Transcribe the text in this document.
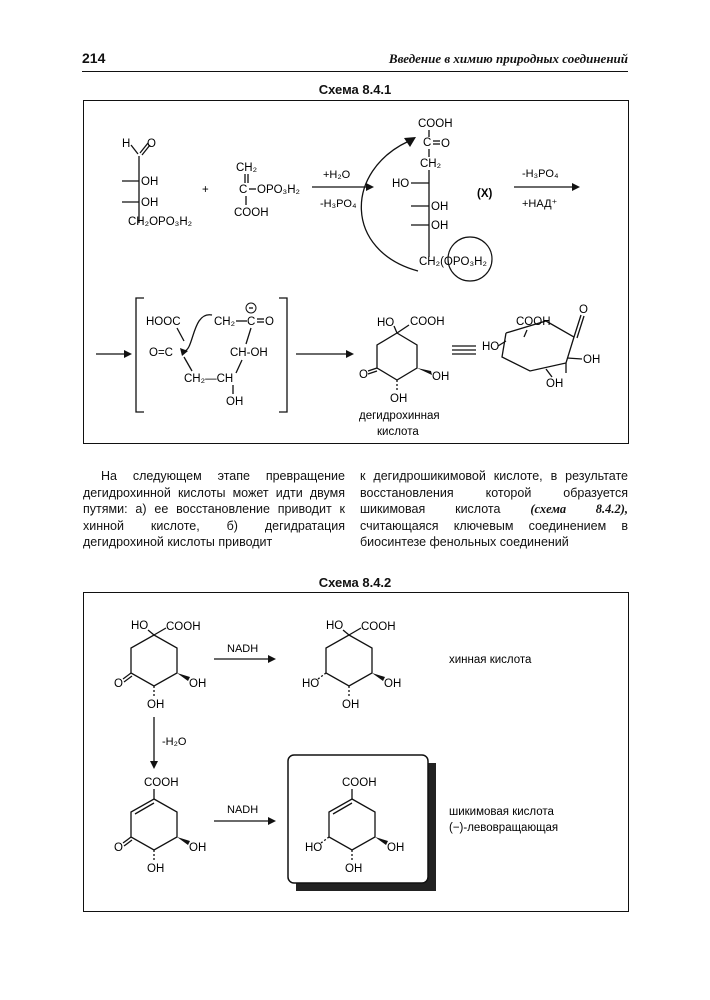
214	Введение в химию природных соединений
Схема 8.4.1
H O
OH
OH
CH₂OPO₃H₂
+
CH₂
C OPO₃H₂
COOH
+H₂O
-H₃PO₄
COOH
C O
CH₂
HO
OH
OH
CH₂(OPO₃H₂
(X)
-H₃PO₄
+НАД⁺
HOOC
O=C
CH₂—CH
OH
CH₂ C O
CH-OH
HO COOH
O	OH
OH
дегидрохинная
кислота
COOH
HO
O
OH
OH

На следующем этапе превращение дегидрохинной кислоты может идти двумя путями: а) ее восстановление приводит к хинной кислоте, б) дегидратация дегидрохиной кислоты приводит

к дегидрошикимовой кислоте, в результате восстановления которой образуется шикимовая кислота (схема 8.4.2), считающаяся ключевым соединением в биосинтезе фенольных соединений

Схема 8.4.2
HO COOH
O	OH
OH
NADH
HO COOH
HO	OH
OH
хинная кислота
-H₂O
COOH
O	OH
OH
NADH
COOH
HO	OH
OH
шикимовая кислота
(−)-левовращающая
